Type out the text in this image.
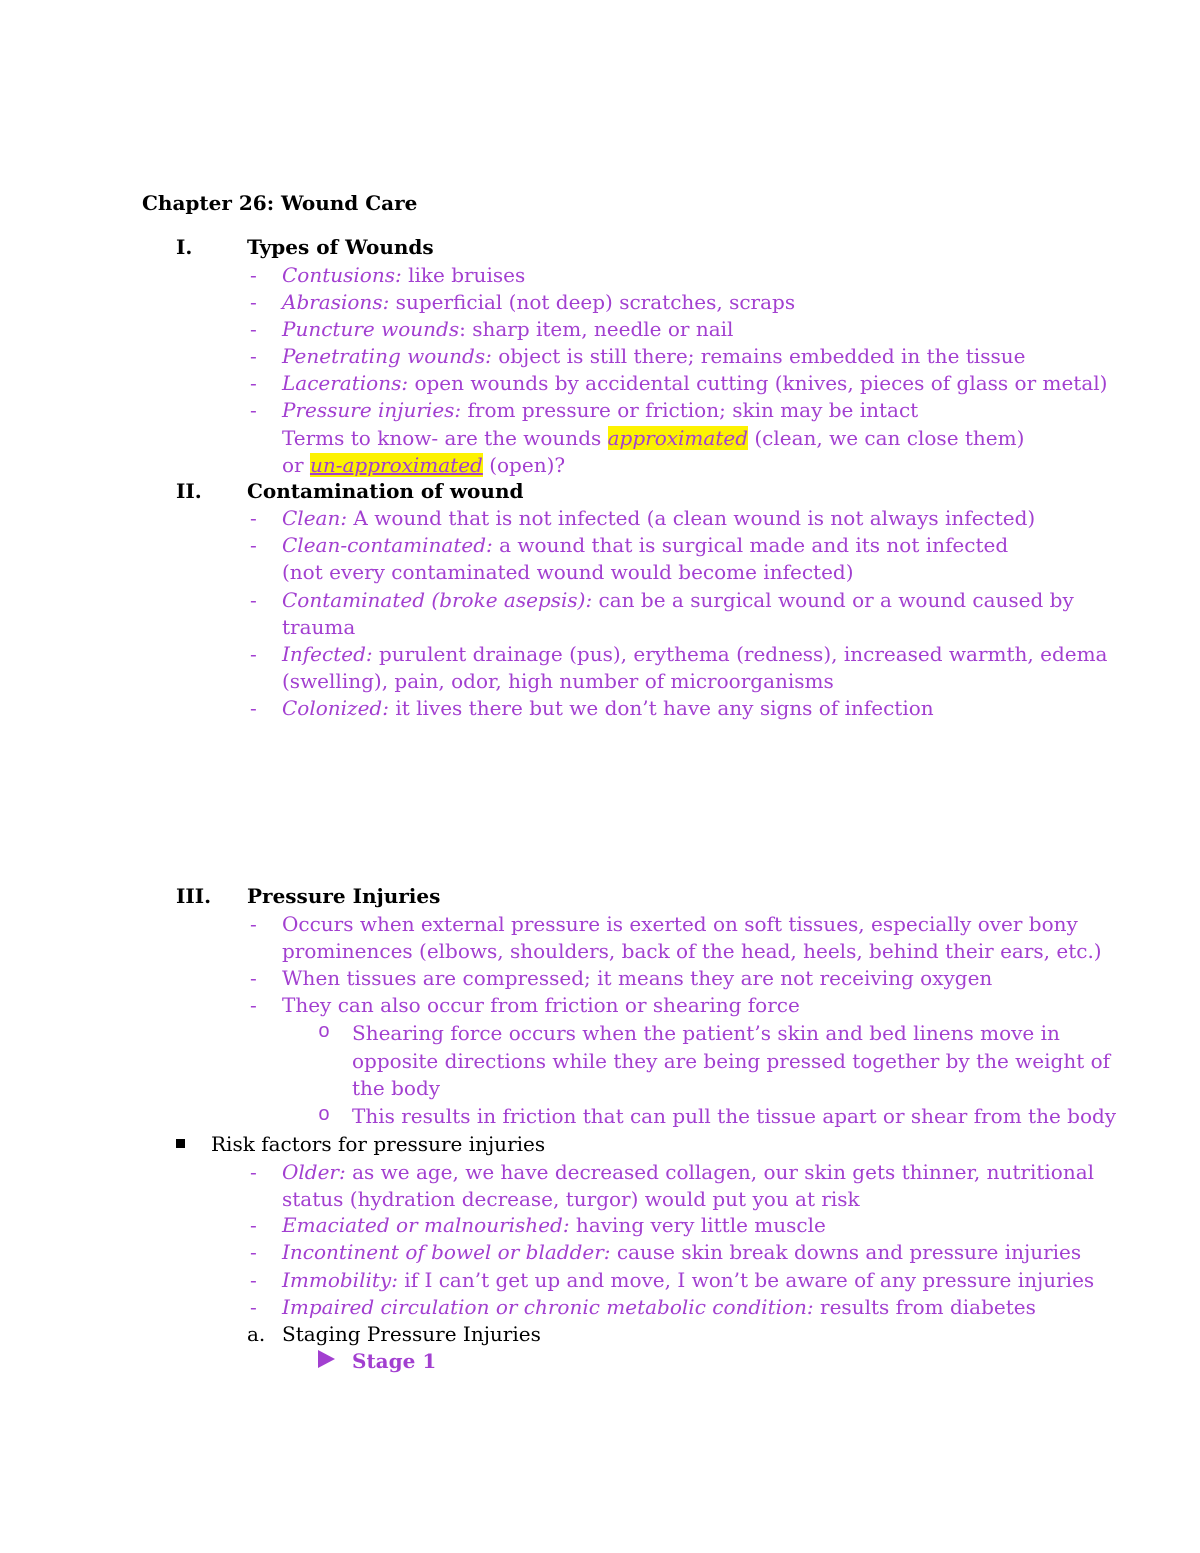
Chapter 26: Wound Care
I.	Types of Wounds
- Contusions: like bruises
- Abrasions: superficial (not deep) scratches, scraps
- Puncture wounds: sharp item, needle or nail
- Penetrating wounds: object is still there; remains embedded in the tissue
- Lacerations: open wounds by accidental cutting (knives, pieces of glass or metal)
- Pressure injuries: from pressure or friction; skin may be intact
Terms to know- are the wounds approximated (clean, we can close them)
or un-approximated (open)?
II. Contamination of wound
- Clean: A wound that is not infected (a clean wound is not always infected)
- Clean-contaminated: a wound that is surgical made and its not infected
(not every contaminated wound would become infected)
- Contaminated (broke asepsis): can be a surgical wound or a wound caused by
trauma
- Infected: purulent drainage (pus), erythema (redness), increased warmth, edema
(swelling), pain, odor, high number of microorganisms
- Colonized: it lives there but we don’t have any signs of infection
III. Pressure Injuries
- Occurs when external pressure is exerted on soft tissues, especially over bony
prominences (elbows, shoulders, back of the head, heels, behind their ears, etc.)
- When tissues are compressed; it means they are not receiving oxygen
- They can also occur from friction or shearing force
o Shearing force occurs when the patient’s skin and bed linens move in
opposite directions while they are being pressed together by the weight of
the body
o This results in friction that can pull the tissue apart or shear from the body
Risk factors for pressure injuries
- Older: as we age, we have decreased collagen, our skin gets thinner, nutritional
status (hydration decrease, turgor) would put you at risk
- Emaciated or malnourished: having very little muscle
- Incontinent of bowel or bladder: cause skin break downs and pressure injuries
- Immobility: if I can’t get up and move, I won’t be aware of any pressure injuries
- Impaired circulation or chronic metabolic condition: results from diabetes
a. Staging Pressure Injuries
Stage 1
